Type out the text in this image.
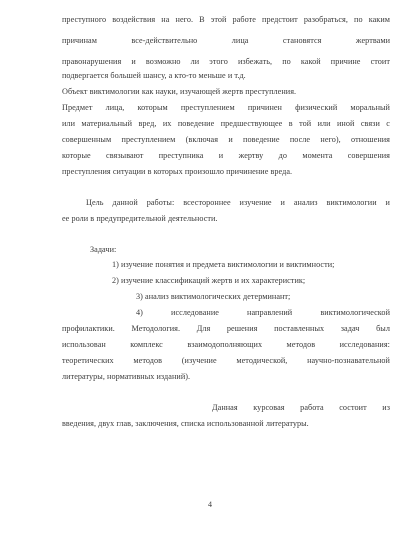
преступного воздействия на него. В этой работе предстоит разобраться, по каким
причинам все-действительно лица становятся жертвами
правонарушения и возможно ли этого избежать, по какой причине стоит
подвергается большей шансу, а кто-то меньше и т.д.
Объект виктимологии как науки, изучающей жертв преступления.
Предмет лица, которым преступлением причинен физический моральный
или материальный вред, их поведение предшествующее в той или иной связи с
совершенным преступлением (включая и поведение после него), отношения
которые связывают преступника и жертву до момента совершения
преступления ситуации в которых произошло причинение вреда.
Цель данной работы: всестороннее изучение и анализ виктимологии и
ее роли в предупредительной деятельности.
Задачи:
1) изучение понятия и предмета виктимологии и виктимности;
2) изучение классификаций жертв и их характеристик;
3) анализ виктимологических детерминант;
4) исследование направлений виктимологической
профилактики. Методология. Для решения поставленных задач был
использован комплекс взаимодополняющих методов исследования:
теоретических методов (изучение методической, научно-познавательной
литературы, нормативных изданий).
Данная курсовая работа состоит из
введения, двух глав, заключения, списка использованной литературы.
4
